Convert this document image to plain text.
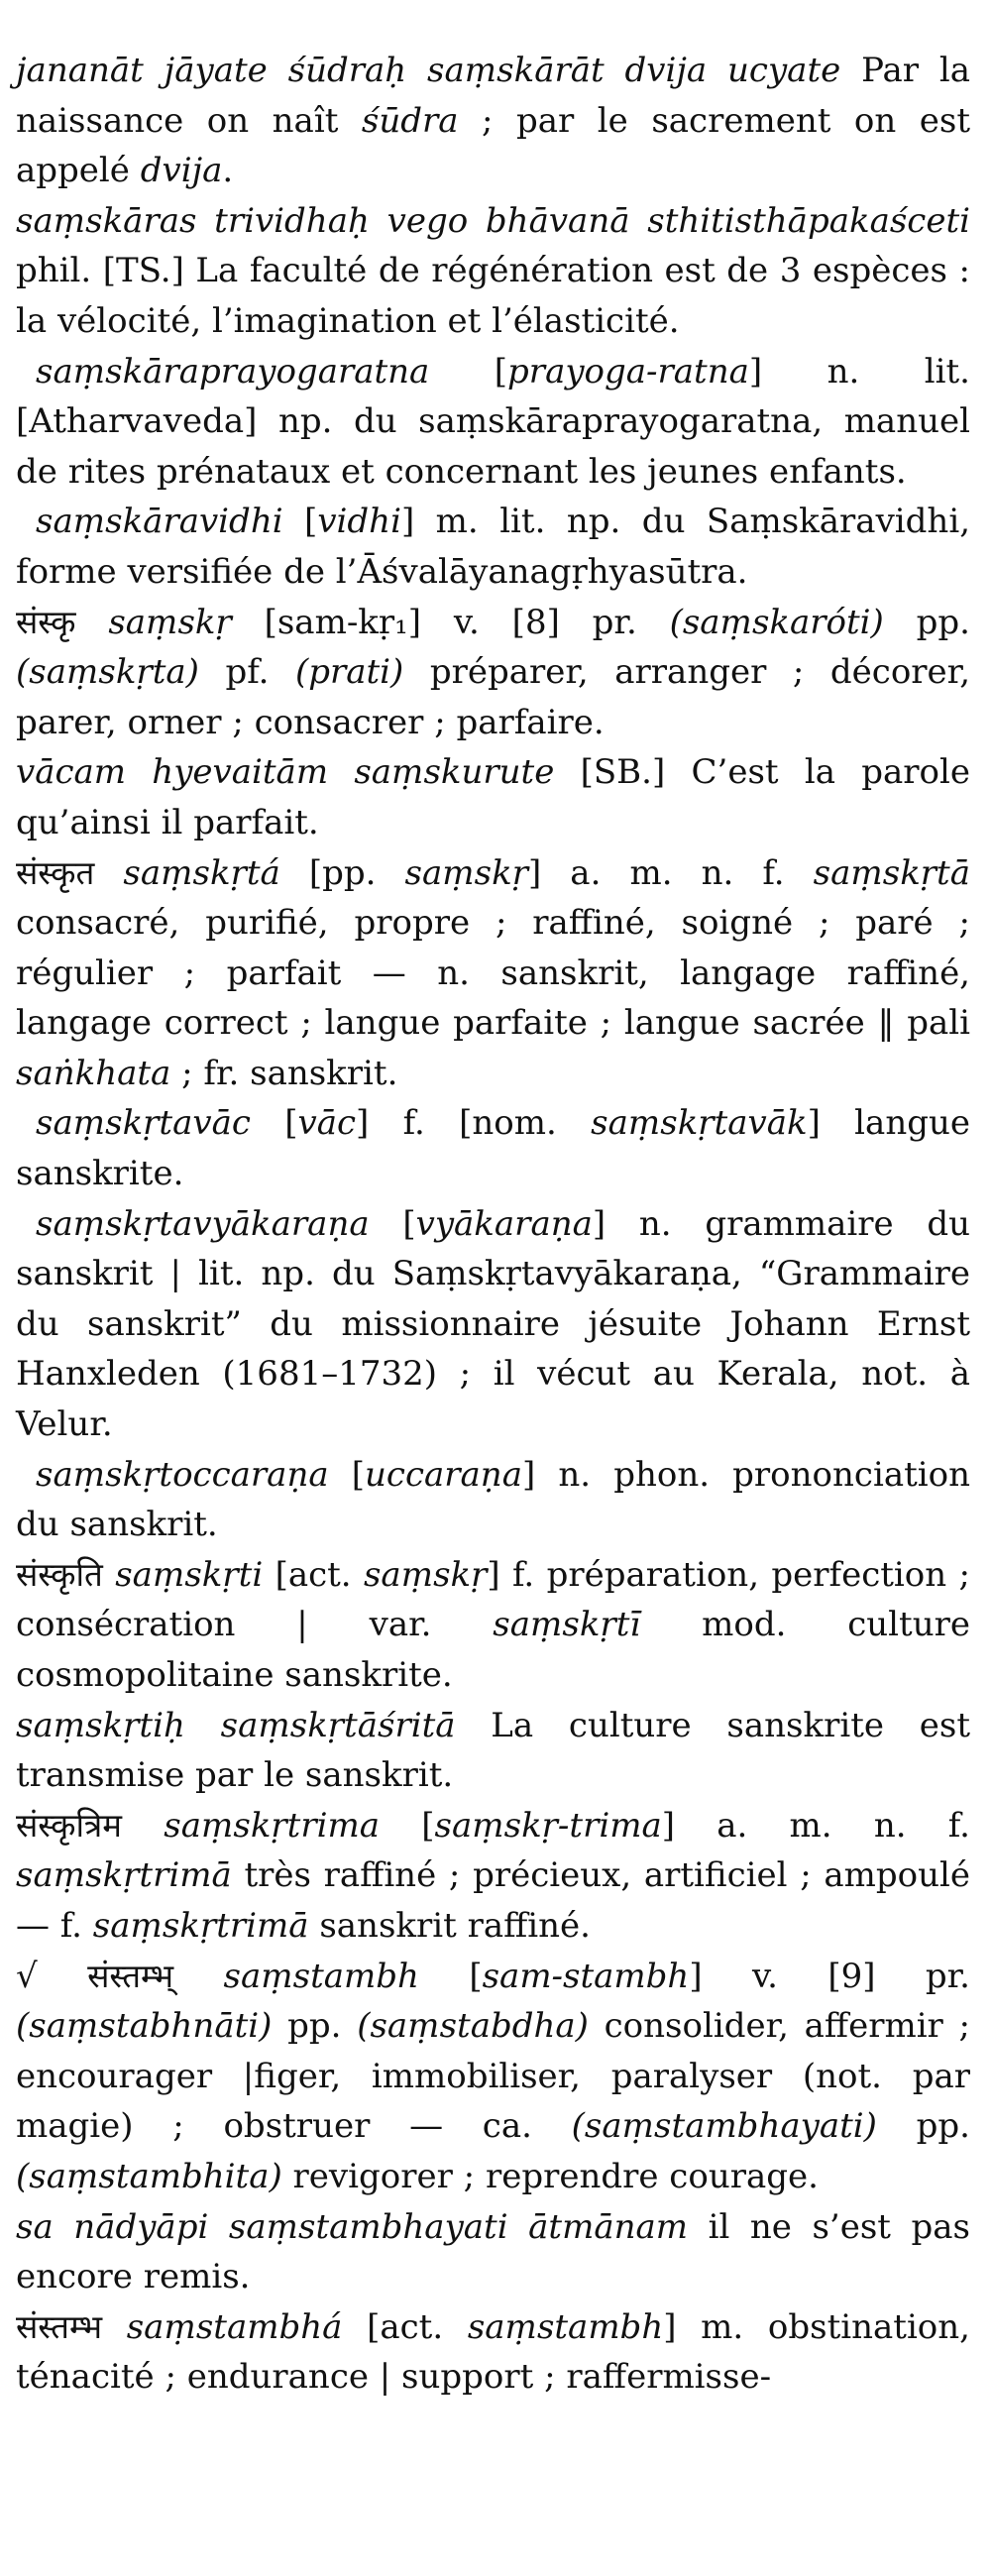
jananāt jāyate śūdraḥ saṃskārāt dvija ucyate Par la naissance on naît śūdra ; par le sacrement on est appelé dvija.

saṃskāras trividhaḥ vego bhāvanā sthitisthāpakaśceti phil. [TS.] La faculté de régénération est de 3 espèces : la vélocité, l’imagination et l’élasticité.

saṃskāraprayogaratna [prayoga-ratna] n. lit. [Atharvaveda] np. du saṃskāraprayogaratna, manuel de rites prénataux et concernant les jeunes enfants.

saṃskāravidhi [vidhi] m. lit. np. du Saṃskāravidhi, forme versifiée de l’Āśvalāyanagṛhyasūtra.

संस्कृ saṃskṛ [sam-kṛ₁] v. [8] pr. (saṃskaróti) pp. (saṃskṛta) pf. (prati) préparer, arranger ; décorer, parer, orner ; consacrer ; parfaire.

vācam hyevaitām saṃskurute [SB.] C’est la parole qu’ainsi il parfait.

संस्कृत saṃskṛtá [pp. saṃskṛ] a. m. n. f. saṃskṛtā consacré, purifié, propre ; raffiné, soigné ; paré ; régulier ; parfait — n. sanskrit, langage raffiné, langage correct ; langue parfaite ; langue sacrée ‖ pali saṅkhata ; fr. sanskrit.

saṃskṛtavāc [vāc] f. [nom. saṃskṛtavāk] langue sanskrite.

saṃskṛtavyākaraṇa [vyākaraṇa] n. grammaire du sanskrit | lit. np. du Saṃskṛtavyākaraṇa, “Grammaire du sanskrit” du missionnaire jésuite Johann Ernst Hanxleden (1681–1732) ; il vécut au Kerala, not. à Velur.

saṃskṛtoccaraṇa [uccaraṇa] n. phon. prononciation du sanskrit.

संस्कृति saṃskṛti [act. saṃskṛ] f. préparation, perfection ; consécration | var. saṃskṛtī mod. culture cosmopolitaine sanskrite.

saṃskṛtiḥ saṃskṛtāśritā La culture sanskrite est transmise par le sanskrit.

संस्कृत्रिम saṃskṛtrima [saṃskṛ-trima] a. m. n. f. saṃskṛtrimā très raffiné ; précieux, artificiel ; ampoulé — f. saṃskṛtrimā sanskrit raffiné.

√ संस्तम्भ् saṃstambh [sam-stambh] v. [9] pr. (saṃstabhnāti) pp. (saṃstabdha) consolider, affermir ; encourager |figer, immobiliser, paralyser (not. par magie) ; obstruer — ca. (saṃstambhayati) pp. (saṃstambhita) revigorer ; reprendre courage.

sa nādyāpi saṃstambhayati ātmānam il ne s’est pas encore remis.

संस्तम्भ saṃstambhá [act. saṃstambh] m. obstination, ténacité ; endurance | support ; raffermisse-
